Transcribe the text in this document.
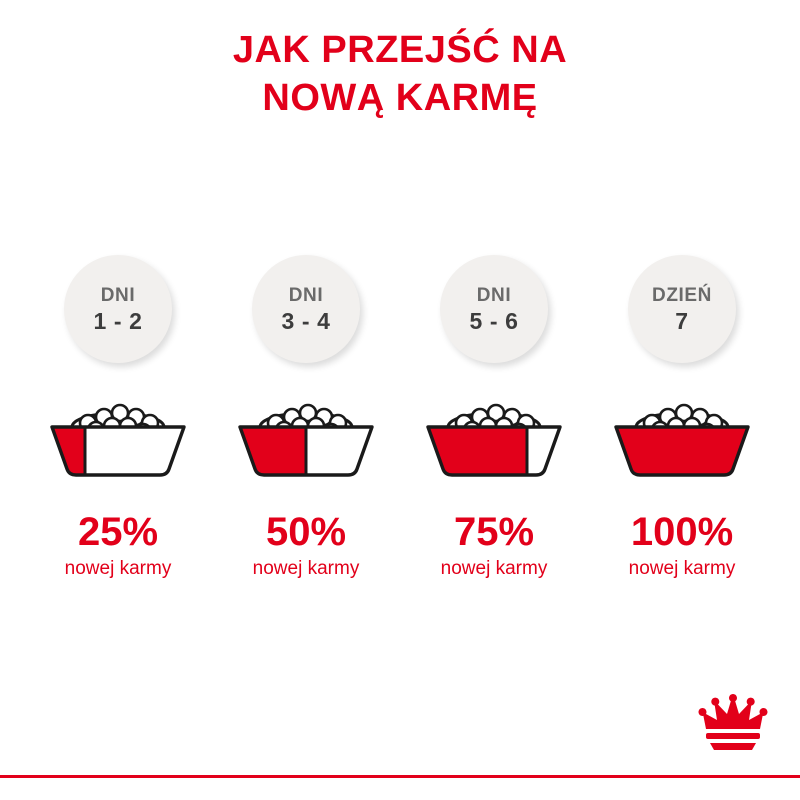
JAK PRZEJŚĆ NA
NOWĄ KARMĘ
DNI
1 - 2
25%
nowej karmy
DNI
3 - 4
50%
nowej karmy
DNI
5 - 6
75%
nowej karmy
DZIEŃ
7
100%
nowej karmy
